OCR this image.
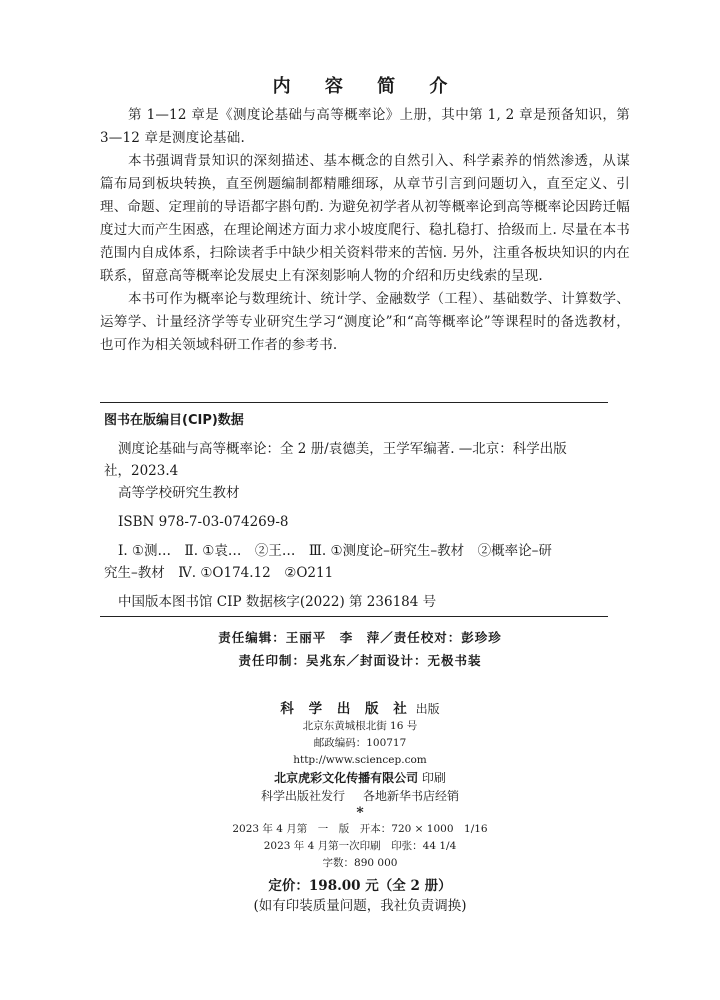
内 容 简 介

第 1—12 章是《测度论基础与高等概率论》上册，其中第 1, 2 章是预备知识，第 3—12 章是测度论基础.

本书强调背景知识的深刻描述、基本概念的自然引入、科学素养的悄然渗透，从谋篇布局到板块转换，直至例题编制都精雕细琢，从章节引言到问题切入，直至定义、引理、命题、定理前的导语都字斟句酌. 为避免初学者从初等概率论到高等概率论因跨迁幅度过大而产生困惑，在理论阐述方面力求小坡度爬行、稳扎稳打、拾级而上. 尽量在本书范围内自成体系，扫除读者手中缺少相关资料带来的苦恼. 另外，注重各板块知识的内在联系，留意高等概率论发展史上有深刻影响人物的介绍和历史线索的呈现.

本书可作为概率论与数理统计、统计学、金融数学（工程）、基础数学、计算数学、运筹学、计量经济学等专业研究生学习“测度论”和“高等概率论”等课程时的备选教材，也可作为相关领域科研工作者的参考书.

图书在版编目(CIP)数据
测度论基础与高等概率论：全 2 册/袁德美，王学军编著. —北京：科学出版
社，2023.4
高等学校研究生教材
ISBN 978-7-03-074269-8
Ⅰ. ①测…　Ⅱ. ①袁…　②王…　Ⅲ. ①测度论–研究生–教材　②概率论–研
究生–教材　Ⅳ. ①O174.12　②O211
中国版本图书馆 CIP 数据核字(2022) 第 236184 号
责任编辑：王丽平　李　萍／责任校对：彭珍珍
责任印制：吴兆东／封面设计：无极书装
科 学 出 版 社 出版
北京东黄城根北街 16 号
邮政编码：100717
http://www.sciencep.com
北京虎彩文化传播有限公司 印刷
科学出版社发行 各地新华书店经销
*
2023 年 4 月第　一　版　开本：720 × 1000　1/16
2023 年 4 月第一次印刷　印张：44 1/4
字数：890 000
定价：198.00 元（全 2 册）
(如有印装质量问题，我社负责调换)
